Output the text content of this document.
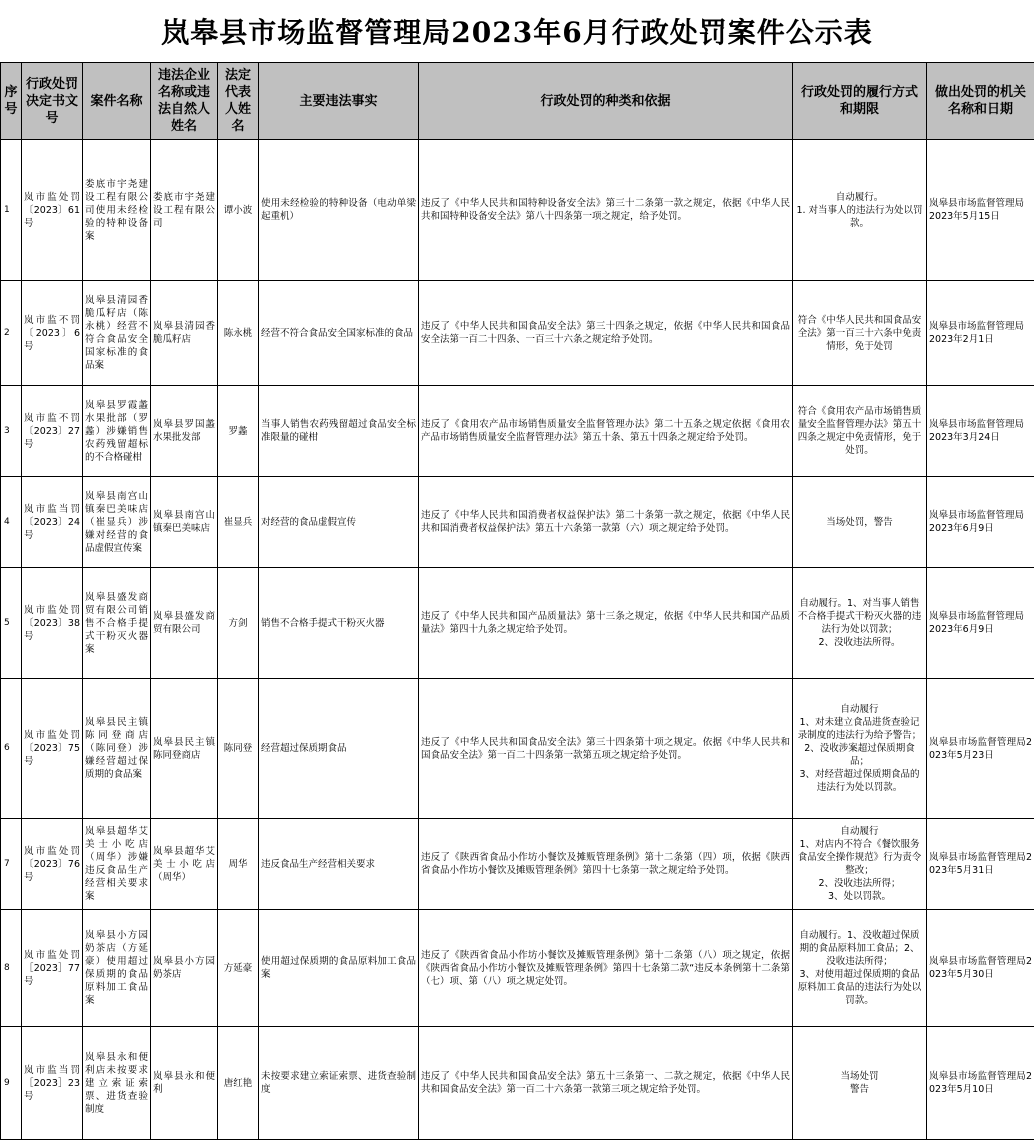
岚皋县市场监督管理局2023年6月行政处罚案件公示表
序号	行政处罚决定书文号	案件名称	违法企业名称或违法自然人姓名	法定代表人姓名	主要违法事实	行政处罚的种类和依据	行政处罚的履行方式和期限	做出处罚的机关名称和日期
1	岚市监处罚〔2023〕61号	娄底市宇尧建设工程有限公司使用未经检验的特种设备案	娄底市宇尧建设工程有限公司	谭小波	使用未经检验的特种设备（电动单梁起重机）	违反了《中华人民共和国特种设备安全法》第三十二条第一款之规定，依据《中华人民共和国特种设备安全法》第八十四条第一项之规定，给予处罚。	自动履行。
1. 对当事人的违法行为处以罚款。	岚皋县市场监督管理局
2023年5月15日
2	岚市监不罚〔2023〕6号	岚皋县清园香脆瓜籽店（陈永桃）经营不符合食品安全国家标准的食品案	岚皋县清园香脆瓜籽店	陈永桃	经营不符合食品安全国家标准的食品	违反了《中华人民共和国食品安全法》第三十四条之规定，依据《中华人民共和国食品安全法第一百二十四条、一百三十六条之规定给予处罚。	符合《中华人民共和国食品安全法》第一百三十六条中免责情形，免于处罚	岚皋县市场监督管理局
2023年2月1日
3	岚市监不罚〔2023〕27号	岚皋县罗霞蠡水果批部（罗蠡）涉嫌销售农药残留超标的不合格碰柑	岚皋县罗国蠡水果批发部	罗蠡	当事人销售农药残留超过食品安全标准限量的碰柑	违反了《食用农产品市场销售质量安全监督管理办法》第二十五条之规定依据《食用农产品市场销售质量安全监督管理办法》第五十条、第五十四条之规定给予处罚。	符合《食用农产品市场销售质量安全监督管理办法》第五十四条之规定中免责情形，免于处罚。	岚皋县市场监督管理局
2023年3月24日
4	岚市监当罚〔2023〕24号	岚皋县南宫山镇秦巴美味店（崔显兵）涉嫌对经营的食品虚假宣传案	岚皋县南宫山镇秦巴美味店	崔显兵	对经营的食品虚假宣传	违反了《中华人民共和国消费者权益保护法》第二十条第一款之规定，依据《中华人民共和国消费者权益保护法》第五十六条第一款第（六）项之规定给予处罚。	当场处罚，警告	岚皋县市场监督管理局
2023年6月9日
5	岚市监处罚〔2023〕38号	岚皋县盛发商贸有限公司销售不合格手提式干粉灭火器案	岚皋县盛发商贸有限公司	方剑	销售不合格手提式干粉灭火器	违反了《中华人民共和国产品质量法》第十三条之规定，依据《中华人民共和国产品质量法》第四十九条之规定给予处罚。	自动履行。1、对当事人销售不合格手提式干粉灭火器的违法行为处以罚款；
2、没收违法所得。	岚皋县市场监督管理局
2023年6月9日
6	岚市监处罚〔2023〕75号	岚皋县民主镇陈同登商店（陈同登）涉嫌经营超过保质期的食品案	岚皋县民主镇陈同登商店	陈同登	经营超过保质期食品	违反了《中华人民共和国食品安全法》第三十四条第十项之规定。依据《中华人民共和国食品安全法》第一百二十四条第一款第五项之规定给予处罚。	自动履行
1、对未建立食品进货查验记录制度的违法行为给予警告；
2、没收涉案超过保质期食品；
3、对经营超过保质期食品的违法行为处以罚款。	岚皋县市场监督管理局2023年5月23日
7	岚市监处罚〔2023〕76号	岚皋县超华艾美士小吃店（周华）涉嫌违反食品生产经营相关要求案	岚皋县超华艾美士小吃店（周华）	周华	违反食品生产经营相关要求	违反了《陕西省食品小作坊小餐饮及摊贩管理条例》第十二条第（四）项，依据《陕西省食品小作坊小餐饮及摊贩管理条例》第四十七条第一款之规定给予处罚。	自动履行
1、对店内不符合《餐饮服务食品安全操作规范》行为责令整改；
2、没收违法所得；
3、处以罚款。	岚皋县市场监督管理局2023年5月31日
8	岚市监处罚［2023］77号	岚皋县小方园奶茶店（方延豪）使用超过保质期的食品原料加工食品案	岚皋县小方园奶茶店	方延豪	使用超过保质期的食品原料加工食品案	违反了《陕西省食品小作坊小餐饮及摊贩管理条例》第十二条第（八）项之规定，依据《陕西省食品小作坊小餐饮及摊贩管理条例》第四十七条第二款“违反本条例第十二条第（七）项、第（八）项之规定处罚。	自动履行。1、没收超过保质期的食品原料加工食品；2、没收违法所得；
3、对使用超过保质期的食品原料加工食品的违法行为处以罚款。	岚皋县市场监督管理局2023年5月30日
9	岚市监当罚［2023］23号	岚皋县永和便利店未按要求建立索证索票、进货查验制度	岚皋县永和便利	唐红艳	未按要求建立索证索票、进货查验制度	违反了《中华人民共和国食品安全法》第五十三条第一、二款之规定，依据《中华人民共和国食品安全法》第一百二十六条第一款第三项之规定给予处罚。	当场处罚
警告	岚皋县市场监督管理局2023年5月10日
